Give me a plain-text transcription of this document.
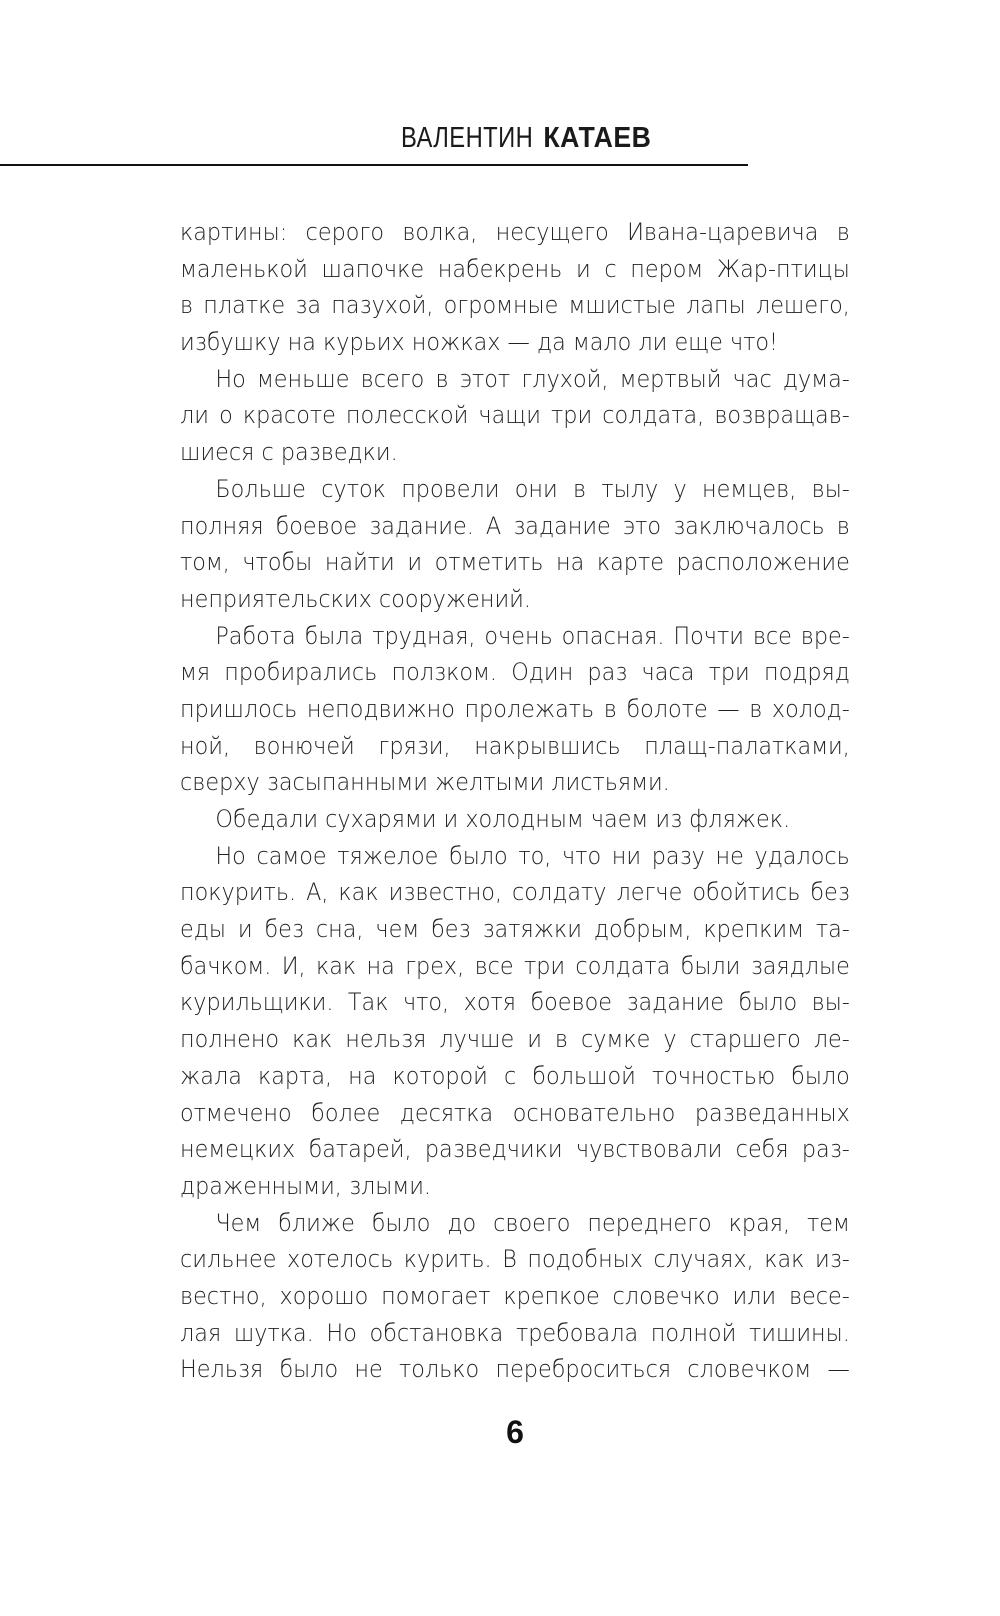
ВАЛЕНТИН КАТАЕВ
картины: серого волка, несущего Ивана-царевича в
маленькой шапочке набекрень и с пером Жар-птицы
в платке за пазухой, огромные мшистые лапы лешего,
избушку на курьих ножках — да мало ли еще что!
Но меньше всего в этот глухой, мертвый час дума-
ли о красоте полесской чащи три солдата, возвращав-
шиеся с разведки.
Больше суток провели они в тылу у немцев, вы-
полняя боевое задание. А задание это заключалось в
том, чтобы найти и отметить на карте расположение
неприятельских сооружений.
Работа была трудная, очень опасная. Почти все вре-
мя пробирались ползком. Один раз часа три подряд
пришлось неподвижно пролежать в болоте — в холод-
ной, вонючей грязи, накрывшись плащ-палатками,
сверху засыпанными желтыми листьями.
Обедали сухарями и холодным чаем из фляжек.
Но самое тяжелое было то, что ни разу не удалось
покурить. А, как известно, солдату легче обойтись без
еды и без сна, чем без затяжки добрым, крепким та-
бачком. И, как на грех, все три солдата были заядлые
курильщики. Так что, хотя боевое задание было вы-
полнено как нельзя лучше и в сумке у старшего ле-
жала карта, на которой с большой точностью было
отмечено более десятка основательно разведанных
немецких батарей, разведчики чувствовали себя раз-
драженными, злыми.
Чем ближе было до своего переднего края, тем
сильнее хотелось курить. В подобных случаях, как из-
вестно, хорошо помогает крепкое словечко или весе-
лая шутка. Но обстановка требовала полной тишины.
Нельзя было не только переброситься словечком —
6
